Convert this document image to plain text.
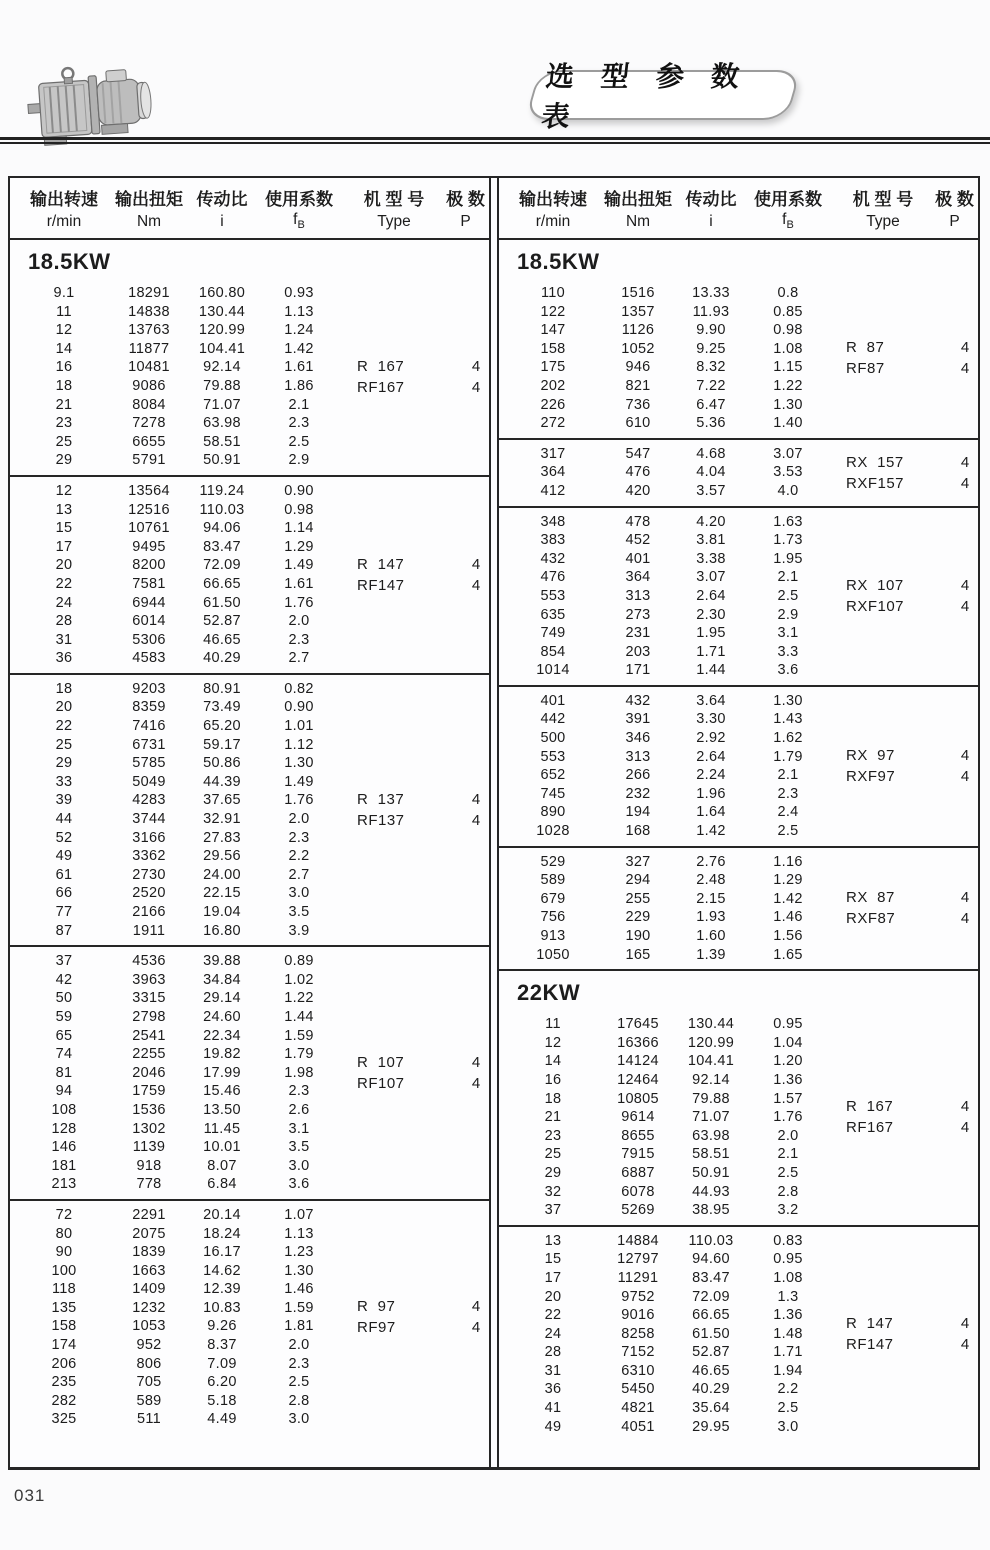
选 型 参 数 表
输出转速	输出扭矩 传动比	使用系数	机 型 号	极 数
r/min	Nm	i	$f_B$	Type	P
18.5KW
9.1	18291	160.80	0.93
11	14838	130.44	1.13
12	13763	120.99	1.24
14	11877	104.41	1.42
16	10481	92.14	1.61
18	9086	79.88	1.86
21	8084	71.07	2.1
23	7278	63.98	2.3
25	6655	58.51	2.5
29	5791	50.91	2.9
R  167	4
RF167	4
12	13564	119.24	0.90
13	12516	110.03	0.98
15	10761	94.06	1.14
17	9495	83.47	1.29
20	8200	72.09	1.49
22	7581	66.65	1.61
24	6944	61.50	1.76
28	6014	52.87	2.0
31	5306	46.65	2.3
36	4583	40.29	2.7
R  147	4
RF147	4
18	9203	80.91	0.82
20	8359	73.49	0.90
22	7416	65.20	1.01
25	6731	59.17	1.12
29	5785	50.86	1.30
33	5049	44.39	1.49
39	4283	37.65	1.76
44	3744	32.91	2.0
52	3166	27.83	2.3
49	3362	29.56	2.2
61	2730	24.00	2.7
66	2520	22.15	3.0
77	2166	19.04	3.5
87	1911	16.80	3.9
R  137	4
RF137	4
37	4536	39.88	0.89
42	3963	34.84	1.02
50	3315	29.14	1.22
59	2798	24.60	1.44
65	2541	22.34	1.59
74	2255	19.82	1.79
81	2046	17.99	1.98
94	1759	15.46	2.3
108	1536	13.50	2.6
128	1302	11.45	3.1
146	1139	10.01	3.5
181	918	8.07	3.0
213	778	6.84	3.6
R  107	4
RF107	4
72	2291	20.14	1.07
80	2075	18.24	1.13
90	1839	16.17	1.23
100	1663	14.62	1.30
118	1409	12.39	1.46
135	1232	10.83	1.59
158	1053	9.26	1.81
174	952	8.37	2.0
206	806	7.09	2.3
235	705	6.20	2.5
282	589	5.18	2.8
325	511	4.49	3.0
R  97	4
RF97	4
输出转速	输出扭矩 传动比	使用系数	机 型 号	极 数
r/min	Nm	i	$f_B$	Type	P
18.5KW
110	1516	13.33	0.8
122	1357	11.93	0.85
147	1126	9.90	0.98
158	1052	9.25	1.08
175	946	8.32	1.15
202	821	7.22	1.22
226	736	6.47	1.30
272	610	5.36	1.40
R  87	4
RF87	4
317	547	4.68	3.07
364	476	4.04	3.53
412	420	3.57	4.0
RX  157	4
RXF157	4
348	478	4.20	1.63
383	452	3.81	1.73
432	401	3.38	1.95
476	364	3.07	2.1
553	313	2.64	2.5
635	273	2.30	2.9
749	231	1.95	3.1
854	203	1.71	3.3
1014	171	1.44	3.6
RX  107	4
RXF107	4
401	432	3.64	1.30
442	391	3.30	1.43
500	346	2.92	1.62
553	313	2.64	1.79
652	266	2.24	2.1
745	232	1.96	2.3
890	194	1.64	2.4
1028	168	1.42	2.5
RX  97	4
RXF97	4
529	327	2.76	1.16
589	294	2.48	1.29
679	255	2.15	1.42
756	229	1.93	1.46
913	190	1.60	1.56
1050	165	1.39	1.65
RX  87	4
RXF87	4
22KW
11	17645	130.44	0.95
12	16366	120.99	1.04
14	14124	104.41	1.20
16	12464	92.14	1.36
18	10805	79.88	1.57
21	9614	71.07	1.76
23	8655	63.98	2.0
25	7915	58.51	2.1
29	6887	50.91	2.5
32	6078	44.93	2.8
37	5269	38.95	3.2
R  167	4
RF167	4
13	14884	110.03	0.83
15	12797	94.60	0.95
17	11291	83.47	1.08
20	9752	72.09	1.3
22	9016	66.65	1.36
24	8258	61.50	1.48
28	7152	52.87	1.71
31	6310	46.65	1.94
36	5450	40.29	2.2
41	4821	35.64	2.5
49	4051	29.95	3.0
R  147	4
RF147	4
031
